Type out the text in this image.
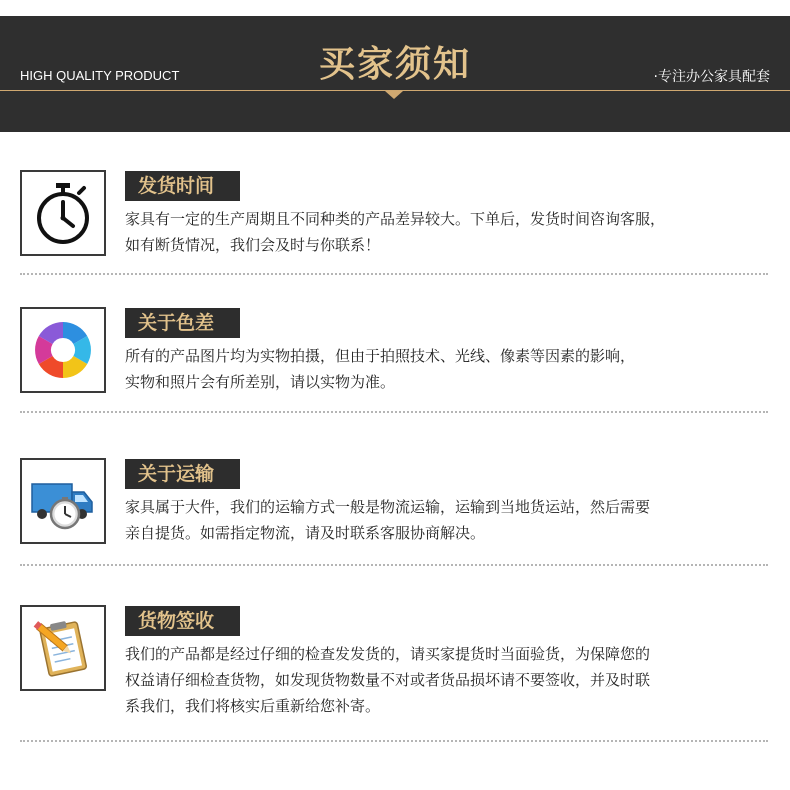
HIGH QUALITY PRODUCT	买家须知	·专注办公家具配套
发货时间
家具有一定的生产周期且不同种类的产品差异较大。下单后，发货时间咨询客服，
如有断货情况，我们会及时与你联系！
关于色差
所有的产品图片均为实物拍摄，但由于拍照技术、光线、像素等因素的影响，
实物和照片会有所差别，请以实物为准。
关于运输
家具属于大件，我们的运输方式一般是物流运输，运输到当地货运站，然后需要
亲自提货。如需指定物流，请及时联系客服协商解决。
货物签收
我们的产品都是经过仔细的检查发发货的，请买家提货时当面验货，为保障您的
权益请仔细检查货物，如发现货物数量不对或者货品损坏请不要签收，并及时联
系我们，我们将核实后重新给您补寄。
